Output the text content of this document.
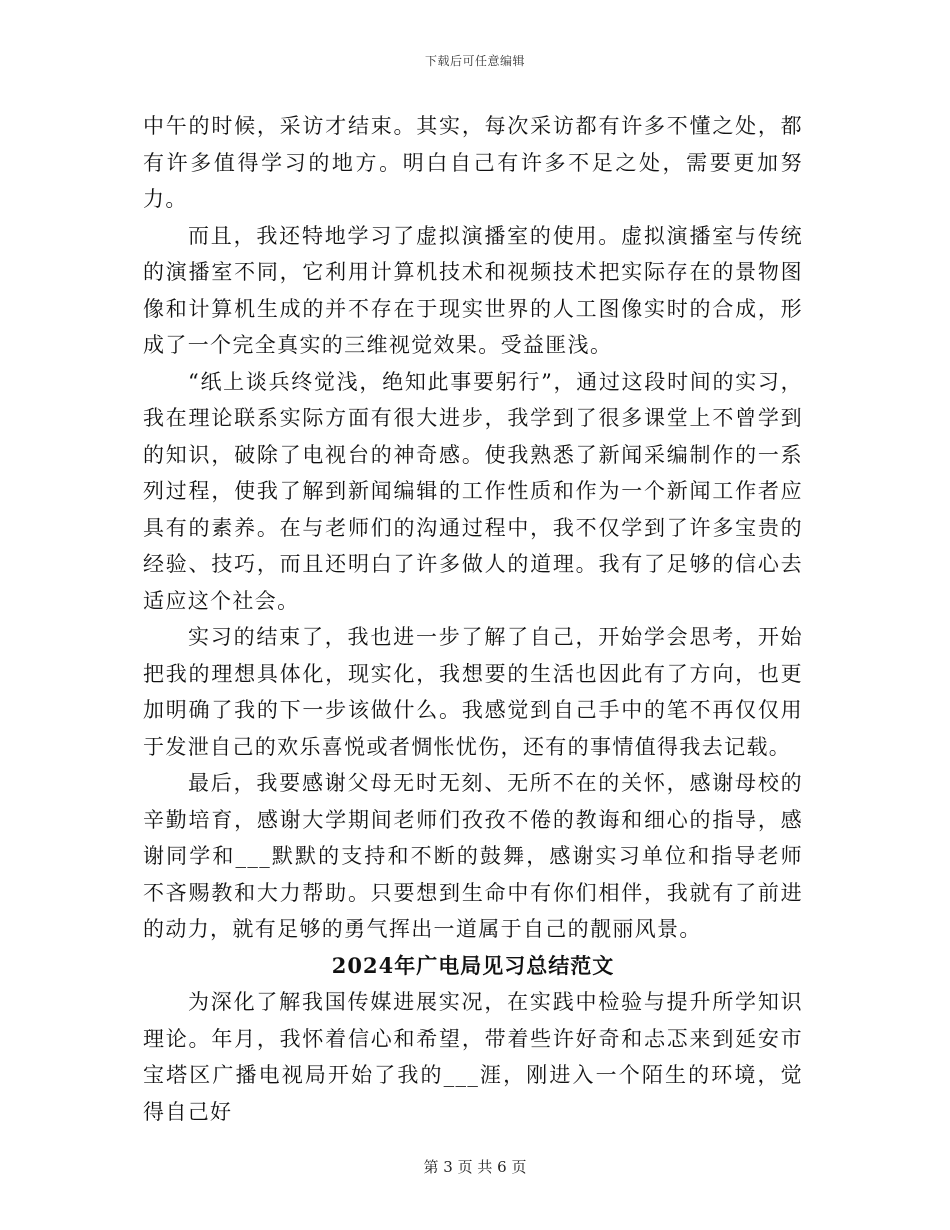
下载后可任意编辑

中午的时候，采访才结束。其实，每次采访都有许多不懂之处，都有许多值得学习的地方。明白自己有许多不足之处，需要更加努力。

而且，我还特地学习了虚拟演播室的使用。虚拟演播室与传统的演播室不同，它利用计算机技术和视频技术把实际存在的景物图像和计算机生成的并不存在于现实世界的人工图像实时的合成，形成了一个完全真实的三维视觉效果。受益匪浅。

“纸上谈兵终觉浅，绝知此事要躬行”，通过这段时间的实习，我在理论联系实际方面有很大进步，我学到了很多课堂上不曾学到的知识，破除了电视台的神奇感。使我熟悉了新闻采编制作的一系列过程，使我了解到新闻编辑的工作性质和作为一个新闻工作者应具有的素养。在与老师们的沟通过程中，我不仅学到了许多宝贵的经验、技巧，而且还明白了许多做人的道理。我有了足够的信心去适应这个社会。

实习的结束了，我也进一步了解了自己，开始学会思考，开始把我的理想具体化，现实化，我想要的生活也因此有了方向，也更加明确了我的下一步该做什么。我感觉到自己手中的笔不再仅仅用于发泄自己的欢乐喜悦或者惆怅忧伤，还有的事情值得我去记载。

最后，我要感谢父母无时无刻、无所不在的关怀，感谢母校的辛勤培育，感谢大学期间老师们孜孜不倦的教诲和细心的指导，感谢同学和___默默的支持和不断的鼓舞，感谢实习单位和指导老师不吝赐教和大力帮助。只要想到生命中有你们相伴，我就有了前进的动力，就有足够的勇气挥出一道属于自己的靓丽风景。

2024年广电局见习总结范文

为深化了解我国传媒进展实况，在实践中检验与提升所学知识理论。年月，我怀着信心和希望，带着些许好奇和忐忑来到延安市宝塔区广播电视局开始了我的___涯，刚进入一个陌生的环境，觉得自己好

第 3 页 共 6 页
